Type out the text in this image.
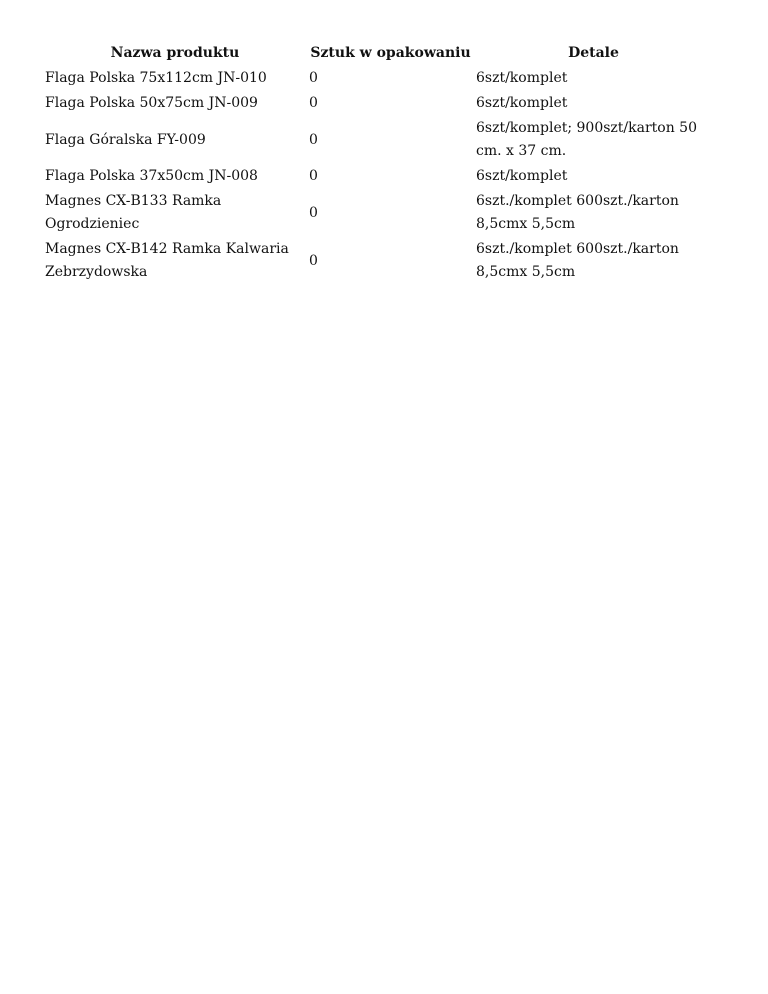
Nazwa produktu	Sztuk w opakowaniu	Detale
Flaga Polska 75x112cm JN-010	0	6szt/komplet
Flaga Polska 50x75cm JN-009	0	6szt/komplet
Flaga Góralska FY-009	0	6szt/komplet; 900szt/karton 50 cm. x 37 cm.
Flaga Polska 37x50cm JN-008	0	6szt/komplet
Magnes CX-B133 Ramka Ogrodzieniec	0	6szt./komplet 600szt./karton 8,5cmx 5,5cm
Magnes CX-B142 Ramka Kalwaria Zebrzydowska	0	6szt./komplet 600szt./karton 8,5cmx 5,5cm
